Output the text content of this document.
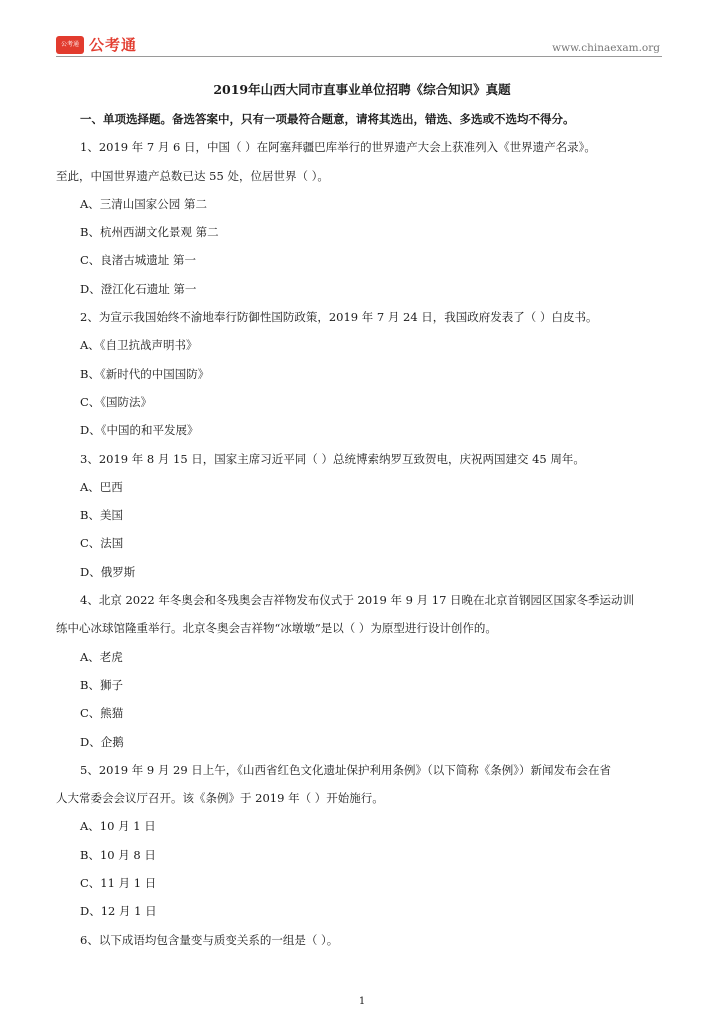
公考通 公考通	www.chinaexam.org
2019年山西大同市直事业单位招聘《综合知识》真题
一、单项选择题。备选答案中，只有一项最符合题意，请将其选出，错选、多选或不选均不得分。
1、2019 年 7 月 6 日，中国（ ）在阿塞拜疆巴库举行的世界遗产大会上获准列入《世界遗产名录》。
至此，中国世界遗产总数已达 55 处，位居世界（ ）。
A、三清山国家公园 第二
B、杭州西湖文化景观 第二
C、良渚古城遗址 第一
D、澄江化石遗址 第一
2、为宣示我国始终不渝地奉行防御性国防政策，2019 年 7 月 24 日，我国政府发表了（ ）白皮书。
A、《自卫抗战声明书》
B、《新时代的中国国防》
C、《国防法》
D、《中国的和平发展》
3、2019 年 8 月 15 日，国家主席习近平同（ ）总统博索纳罗互致贺电，庆祝两国建交 45 周年。
A、巴西
B、美国
C、法国
D、俄罗斯
4、北京 2022 年冬奥会和冬残奥会吉祥物发布仪式于 2019 年 9 月 17 日晚在北京首钢园区国家冬季运动训
练中心冰球馆隆重举行。北京冬奥会吉祥物“冰墩墩”是以（ ）为原型进行设计创作的。
A、老虎
B、狮子
C、熊猫
D、企鹅
5、2019 年 9 月 29 日上午，《山西省红色文化遗址保护利用条例》（以下简称《条例》）新闻发布会在省
人大常委会会议厅召开。该《条例》于 2019 年（ ）开始施行。
A、10 月 1 日
B、10 月 8 日
C、11 月 1 日
D、12 月 1 日
6、以下成语均包含量变与质变关系的一组是（ ）。
1
